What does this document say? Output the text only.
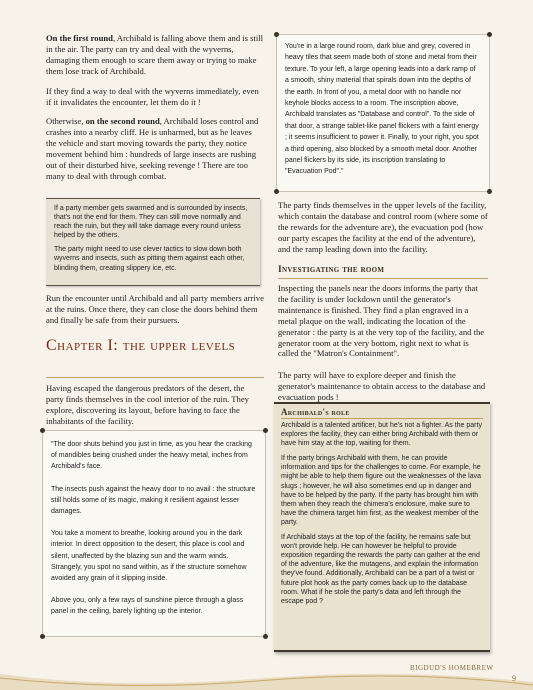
On the first round, Archibald is falling above them and is still in the air. The party can try and deal with the wyverns, damaging them enough to scare them away or trying to make them lose track of Archibald.

If they find a way to deal with the wyverns immediately, even if it invalidates the encounter, let them do it !

Otherwise, on the second round, Archibald loses control and crashes into a nearby cliff. He is unharmed, but as he leaves the vehicle and start moving towards the party, they notice movement behind him : hundreds of large insects are rushing out of their disturbed hive, seeking revenge ! There are too many to deal with through combat.

If a party member gets swarmed and is surrounded by insects, that's not the end for them. They can still move normally and reach the ruin, but they will take damage every round unless helped by the others.

The party might need to use clever tactics to slow down both wyverns and insects, such as pitting them against each other, blinding them, creating slippery ice, etc.

Run the encounter until Archibald and all party members arrive at the ruins. Once there, they can close the doors behind them and finally be safe from their pursuers.

Chapter I: the upper levels

Having escaped the dangerous predators of the desert, the party finds themselves in the cool interior of the ruin. They explore, discovering its layout, before having to face the inhabitants of the facility.

"The door shuts behind you just in time, as you hear the cracking of mandibles being crushed under the heavy metal, inches from Archibald's face.

The insects push against the heavy door to no avail : the structure still holds some of its magic, making it resilient against lesser damages.

You take a moment to breathe, looking around you in the dark interior. In direct opposition to the desert, this place is cool and silent, unaffected by the blazing sun and the warm winds. Strangely, you spot no sand within, as if the structure somehow avoided any grain of it slipping inside.

Above you, only a few rays of sunshine pierce through a glass panel in the ceiling, barely lighting up the interior.

You're in a large round room, dark blue and grey, covered in heavy tiles that seem made both of stone and metal from their texture. To your left, a large opening leads into a dark ramp of a smooth, shiny material that spirals down into the depths of the earth. In front of you, a metal door with no handle nor keyhole blocks access to a room. The inscription above, Archibald translates as "Database and control". To the side of that door, a strange tablet-like panel flickers with a faint energy ; it seems insufficient to power it. Finally, to your right, you spot a third opening, also blocked by a smooth metal door. Another panel flickers by its side, its inscription translating to "Evacuation Pod"."

The party finds themselves in the upper levels of the facility, which contain the database and control room (where some of the rewards for the adventure are), the evacuation pod (how our party escapes the facility at the end of the adventure), and the ramp leading down into the facility.

Investigating the room

Inspecting the panels near the doors informs the party that the facility is under lockdown until the generator's maintenance is finished. They find a plan engraved in a metal plaque on the wall, indicating the location of the generator : the party is at the very top of the facility, and the generator room at the very bottom, right next to what is called the "Matron's Containment".

The party will have to explore deeper and finish the generator's maintenance to obtain access to the database and evacuation pods !

Archibald's role

Archibald is a talented artificer, but he's not a fighter. As the party explores the facility, they can either bring Archibald with them or have him stay at the top, waiting for them.

If the party brings Archibald with them, he can provide information and tips for the challenges to come. For example, he might be able to help them figure out the weaknesses of the lava slugs ; however, he will also sometimes end up in danger and have to be helped by the party. If the party has brought him with them when they reach the chimera's enclosure, make sure to have the chimera target him first, as the weakest member of the party.

If Archibald stays at the top of the facility, he remains safe but won't provide help. He can however be helpful to provide exposition regarding the rewards the party can gather at the end of the adventure, like the mutagens, and explain the information they've found. Additionally, Archibald can be a part of a twist or future plot hook as the party comes back up to the database room. What if he stole the party's data and left through the escape pod ?

BIGDUD'S HOMEBREW
9
